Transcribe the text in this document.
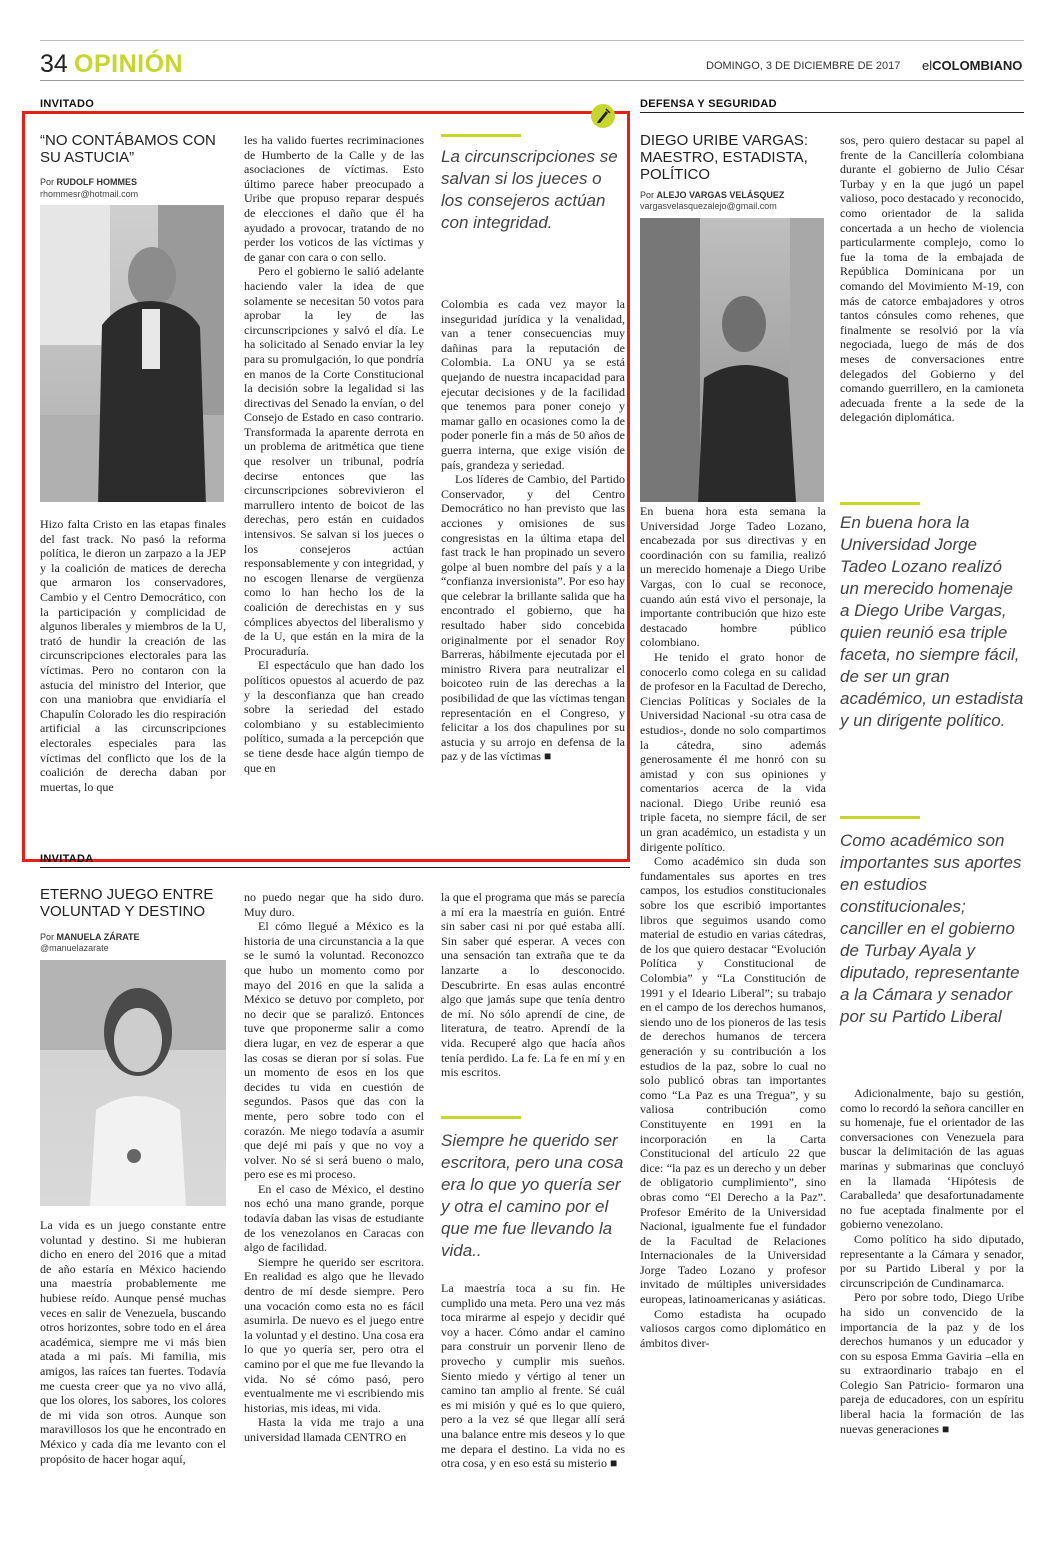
34 OPINIÓN	DOMINGO, 3 DE DICIEMBRE DE 2017 elCOLOMBIANO
INVITADO
“NO CONTÁBAMOS CON SU ASTUCIA”
Por RUDOLF HOMMES
rhommesr@hotmail.com

Hizo falta Cristo en las etapas finales del fast track. No pasó la reforma política, le dieron un zarpazo a la JEP y la coalición de matices de derecha que armaron los conservadores, Cambio y el Centro Democrático, con la participación y complicidad de algunos liberales y miembros de la U, trató de hundir la creación de las circunscripciones electorales para las víctimas. Pero no contaron con la astucia del ministro del Interior, que con una maniobra que envidiaría el Chapulín Colorado les dio respiración artificial a las circunscripciones electorales especiales para las víctimas del conflicto que los de la coalición de derecha daban por muertas, lo que

les ha valido fuertes recriminaciones de Humberto de la Calle y de las asociaciones de víctimas. Esto último parece haber preocupado a Uribe que propuso reparar después de elecciones el daño que él ha ayudado a provocar, tratando de no perder los voticos de las víctimas y de ganar con cara o con sello.

Pero el gobierno le salió adelante haciendo valer la idea de que solamente se necesitan 50 votos para aprobar la ley de las circunscripciones y salvó el día. Le ha solicitado al Senado enviar la ley para su promulgación, lo que pondría en manos de la Corte Constitucional la decisión sobre la legalidad si las directivas del Senado la envían, o del Consejo de Estado en caso contrario. Transformada la aparente derrota en un problema de aritmética que tiene que resolver un tribunal, podría decirse entonces que las circunscripciones sobrevivieron el marrullero intento de boicot de las derechas, pero están en cuidados intensivos. Se salvan si los jueces o los consejeros actúan responsablemente y con integridad, y no escogen llenarse de vergüenza como lo han hecho los de la coalición de derechistas en y sus cómplices abyectos del liberalismo y de la U, que están en la mira de la Procuraduría.

El espectáculo que han dado los políticos opuestos al acuerdo de paz y la desconfianza que han creado sobre la seriedad del estado colombiano y su establecimiento político, sumada a la percepción que se tiene desde hace algún tiempo de que en

La circunscripciones se salvan si los jueces o los consejeros actúan con integridad.

Colombia es cada vez mayor la inseguridad jurídica y la venalidad, van a tener consecuencias muy dañinas para la reputación de Colombia. La ONU ya se está quejando de nuestra incapacidad para ejecutar decisiones y de la facilidad que tenemos para poner conejo y mamar gallo en ocasiones como la de poder ponerle fin a más de 50 años de guerra interna, que exige visión de país, grandeza y seriedad.

Los líderes de Cambio, del Partido Conservador, y del Centro Democrático no han previsto que las acciones y omisiones de sus congresistas en la última etapa del fast track le han propinado un severo golpe al buen nombre del país y a la “confianza inversionista”. Por eso hay que celebrar la brillante salida que ha encontrado el gobierno, que ha resultado haber sido concebida originalmente por el senador Roy Barreras, hábilmente ejecutada por el ministro Rivera para neutralizar el boicoteo ruin de las derechas a la posibilidad de que las víctimas tengan representación en el Congreso, y felicitar a los dos chapulines por su astucia y su arrojo en defensa de la paz y de las víctimas ■

INVITADA
ETERNO JUEGO ENTRE VOLUNTAD Y DESTINO
Por MANUELA ZÁRATE
@manuelazarate

La vida es un juego constante entre voluntad y destino. Si me hubieran dicho en enero del 2016 que a mitad de año estaría en México haciendo una maestría probablemente me hubiese reído. Aunque pensé muchas veces en salir de Venezuela, buscando otros horizontes, sobre todo en el área académica, siempre me vi más bien atada a mi país. Mi familia, mis amigos, las raíces tan fuertes. Todavía me cuesta creer que ya no vivo allá, que los olores, los sabores, los colores de mi vida son otros. Aunque son maravillosos los que he encontrado en México y cada día me levanto con el propósito de hacer hogar aquí,

no puedo negar que ha sido duro. Muy duro.

El cómo llegué a México es la historia de una circunstancia a la que se le sumó la voluntad. Reconozco que hubo un momento como por mayo del 2016 en que la salida a México se detuvo por completo, por no decir que se paralizó. Entonces tuve que proponerme salir a como diera lugar, en vez de esperar a que las cosas se dieran por sí solas. Fue un momento de esos en los que decides tu vida en cuestión de segundos. Pasos que das con la mente, pero sobre todo con el corazón. Me niego todavía a asumir que dejé mi país y que no voy a volver. No sé si será bueno o malo, pero ese es mi proceso.

En el caso de México, el destino nos echó una mano grande, porque todavía daban las visas de estudiante de los venezolanos en Caracas con algo de facilidad.

Siempre he querido ser escritora. En realidad es algo que he llevado dentro de mí desde siempre. Pero una vocación como esta no es fácil asumirla. De nuevo es el juego entre la voluntad y el destino. Una cosa era lo que yo quería ser, pero otra el camino por el que me fue llevando la vida. No sé cómo pasó, pero eventualmente me vi escribiendo mis historias, mis ideas, mi vida.

Hasta la vida me trajo a una universidad llamada CENTRO en

la que el programa que más se parecía a mí era la maestría en guión. Entré sin saber casi ni por qué estaba allí. Sin saber qué esperar. A veces con una sensación tan extraña que te da lanzarte a lo desconocido. Descubrirte. En esas aulas encontré algo que jamás supe que tenía dentro de mí. No sólo aprendí de cine, de literatura, de teatro. Aprendí de la vida. Recuperé algo que hacía años tenía perdido. La fe. La fe en mí y en mis escritos.

Siempre he querido ser escritora, pero una cosa era lo que yo quería ser y otra el camino por el que me fue llevando la vida..

La maestría toca a su fin. He cumplido una meta. Pero una vez más toca mirarme al espejo y decidir qué voy a hacer. Cómo andar el camino para construir un porvenir lleno de provecho y cumplir mis sueños. Siento miedo y vértigo al tener un camino tan amplio al frente. Sé cuál es mi misión y qué es lo que quiero, pero a la vez sé que llegar allí será una balance entre mis deseos y lo que me depara el destino. La vida no es otra cosa, y en eso está su misterio ■

DEFENSA Y SEGURIDAD
DIEGO URIBE VARGAS: MAESTRO, ESTADISTA, POLÍTICO
Por ALEJO VARGAS VELÁSQUEZ
vargasvelasquezalejo@gmail.com

En buena hora esta semana la Universidad Jorge Tadeo Lozano, encabezada por sus directivas y en coordinación con su familia, realizó un merecido homenaje a Diego Uribe Vargas, con lo cual se reconoce, cuando aún está vivo el personaje, la importante contribución que hizo este destacado hombre público colombiano.

He tenido el grato honor de conocerlo como colega en su calidad de profesor en la Facultad de Derecho, Ciencias Políticas y Sociales de la Universidad Nacional -su otra casa de estudios-, donde no solo compartimos la cátedra, sino además generosamente él me honró con su amistad y con sus opiniones y comentarios acerca de la vida nacional. Diego Uribe reunió esa triple faceta, no siempre fácil, de ser un gran académico, un estadista y un dirigente político.

Como académico sin duda son fundamentales sus aportes en tres campos, los estudios constitucionales sobre los que escribió importantes libros que seguimos usando como material de estudio en varias cátedras, de los que quiero destacar “Evolución Política y Constitucional de Colombia” y “La Constitución de 1991 y el Ideario Liberal”; su trabajo en el campo de los derechos humanos, siendo uno de los pioneros de las tesis de derechos humanos de tercera generación y su contribución a los estudios de la paz, sobre lo cual no solo publicó obras tan importantes como “La Paz es una Tregua”, y su valiosa contribución como Constituyente en 1991 en la incorporación en la Carta Constitucional del artículo 22 que dice: “la paz es un derecho y un deber de obligatorio cumplimiento”, sino obras como “El Derecho a la Paz”. Profesor Emérito de la Universidad Nacional, igualmente fue el fundador de la Facultad de Relaciones Internacionales de la Universidad Jorge Tadeo Lozano y profesor invitado de múltiples universidades europeas, latinoamericanas y asiáticas.

Como estadista ha ocupado valiosos cargos como diplomático en ámbitos diver-

sos, pero quiero destacar su papel al frente de la Cancillería colombiana durante el gobierno de Julio César Turbay y en la que jugó un papel valioso, poco destacado y reconocido, como orientador de la salida concertada a un hecho de violencia particularmente complejo, como lo fue la toma de la embajada de República Dominicana por un comando del Movimiento M-19, con más de catorce embajadores y otros tantos cónsules como rehenes, que finalmente se resolvió por la vía negociada, luego de más de dos meses de conversaciones entre delegados del Gobierno y del comando guerrillero, en la camioneta adecuada frente a la sede de la delegación diplomática.

En buena hora la Universidad Jorge Tadeo Lozano realizó un merecido homenaje a Diego Uribe Vargas, quien reunió esa triple faceta, no siempre fácil, de ser un gran académico, un estadista y un dirigente político.
Como académico son importantes sus aportes en estudios constitucionales; canciller en el gobierno de Turbay Ayala y diputado, representante a la Cámara y senador por su Partido Liberal

Adicionalmente, bajo su gestión, como lo recordó la señora canciller en su homenaje, fue el orientador de las conversaciones con Venezuela para buscar la delimitación de las aguas marinas y submarinas que concluyó en la llamada ‘Hipótesis de Caraballeda’ que desafortunadamente no fue aceptada finalmente por el gobierno venezolano.

Como político ha sido diputado, representante a la Cámara y senador, por su Partido Liberal y por la circunscripción de Cundinamarca.

Pero por sobre todo, Diego Uribe ha sido un convencido de la importancia de la paz y de los derechos humanos y un educador y con su esposa Emma Gaviria –ella en su extraordinario trabajo en el Colegio San Patricio- formaron una pareja de educadores, con un espíritu liberal hacia la formación de las nuevas generaciones ■
